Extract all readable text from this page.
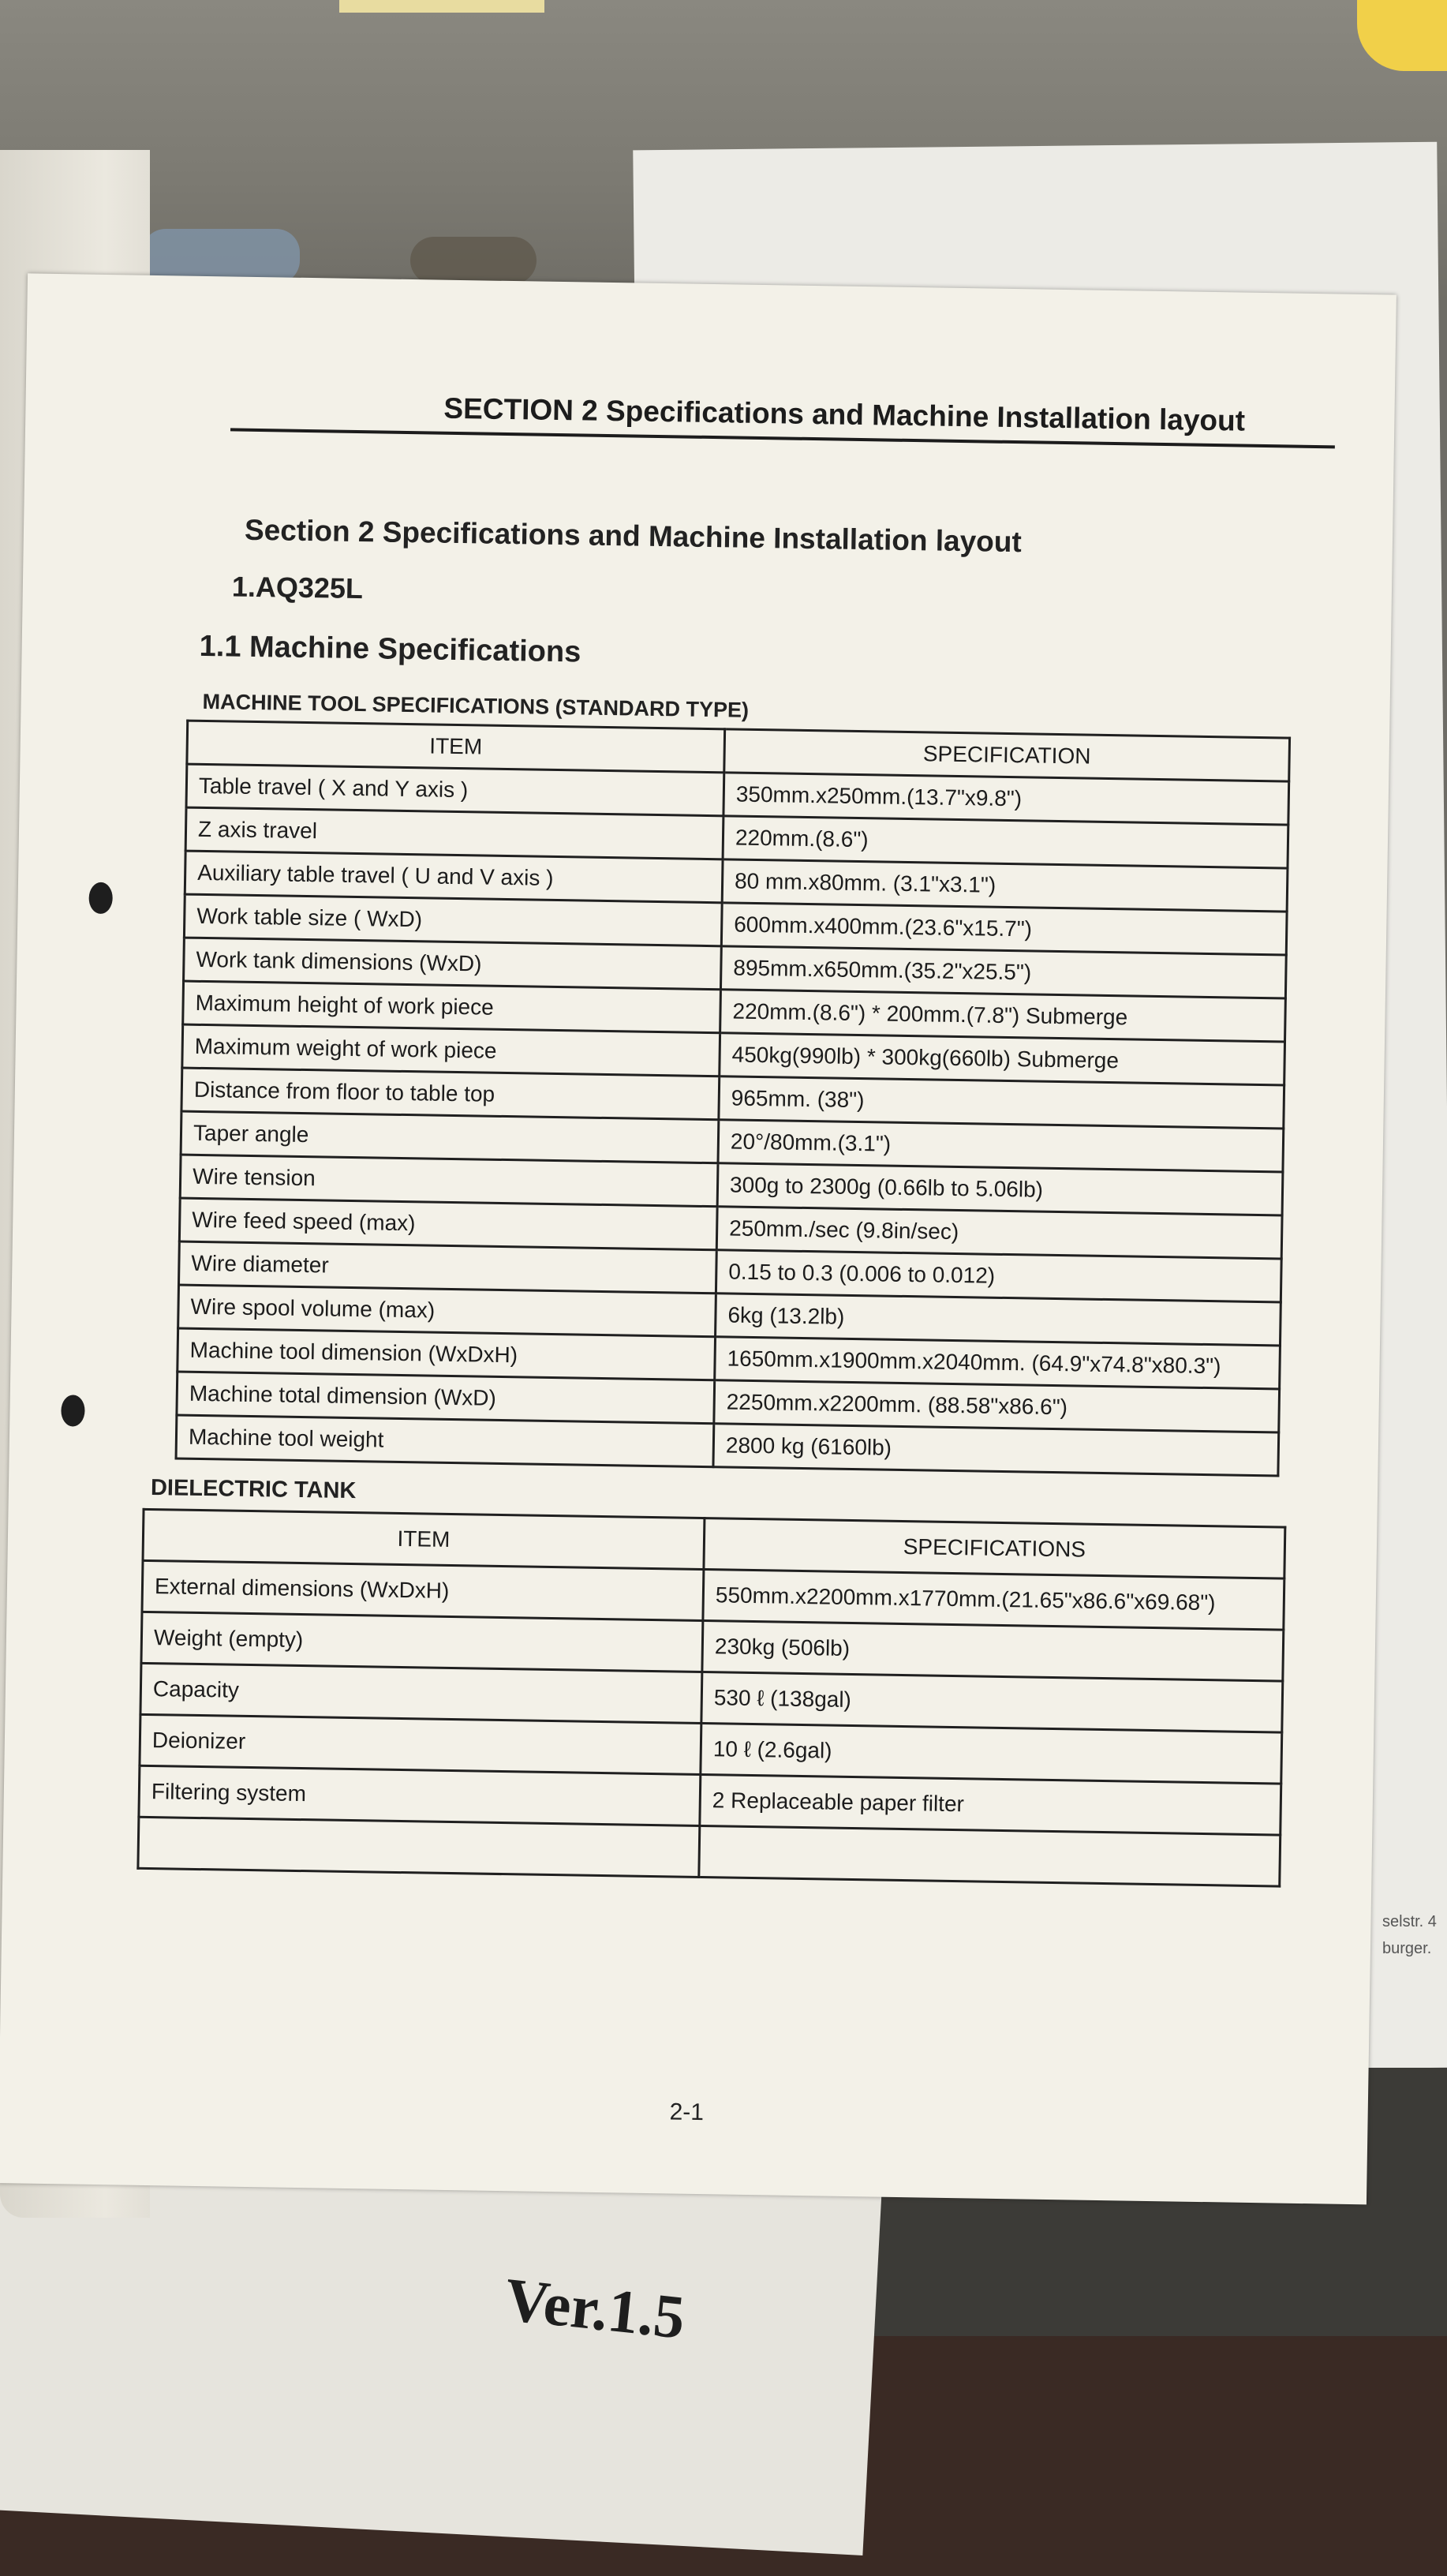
Ver.1.5
selstr. 4
burger.
SECTION 2 Specifications and Machine Installation layout
Section 2 Specifications and Machine Installation layout
1.AQ325L
1.1 Machine Specifications
MACHINE TOOL SPECIFICATIONS (STANDARD TYPE)
ITEM	SPECIFICATION
Table travel ( X and Y axis )	350mm.x250mm.(13.7"x9.8")
Z axis travel	220mm.(8.6")
Auxiliary table travel ( U and V axis )	80 mm.x80mm. (3.1"x3.1")
Work table size ( WxD)	600mm.x400mm.(23.6"x15.7")
Work tank dimensions (WxD)	895mm.x650mm.(35.2"x25.5")
Maximum height of work piece	220mm.(8.6") * 200mm.(7.8") Submerge
Maximum weight of work piece	450kg(990lb) * 300kg(660lb) Submerge
Distance from floor to table top	965mm. (38")
Taper angle	20°/80mm.(3.1")
Wire tension	300g to 2300g (0.66lb to 5.06lb)
Wire feed speed (max)	250mm./sec (9.8in/sec)
Wire diameter	0.15 to 0.3 (0.006 to 0.012)
Wire spool volume (max)	6kg (13.2lb)
Machine tool dimension (WxDxH)	1650mm.x1900mm.x2040mm. (64.9"x74.8"x80.3")
Machine total dimension (WxD)	2250mm.x2200mm. (88.58"x86.6")
Machine tool weight	2800 kg (6160lb)
DIELECTRIC TANK
ITEM	SPECIFICATIONS
External dimensions (WxDxH)	550mm.x2200mm.x1770mm.(21.65"x86.6"x69.68")
Weight (empty)	230kg (506lb)
Capacity	530 ℓ (138gal)
Deionizer	10 ℓ (2.6gal)
Filtering system	2 Replaceable paper filter

2-1
